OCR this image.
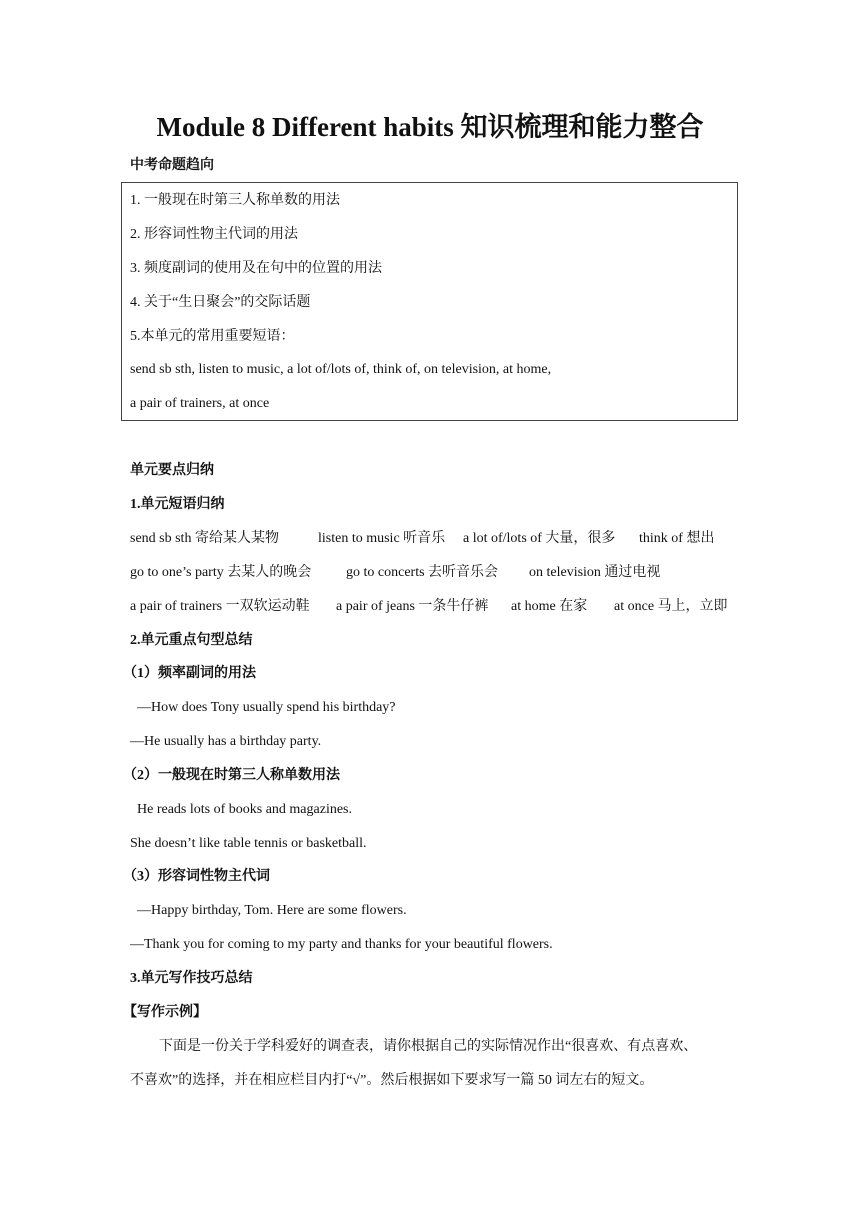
Module 8 Different habits 知识梳理和能力整合
中考命题趋向
1. 一般现在时第三人称单数的用法
2. 形容词性物主代词的用法
3. 频度副词的使用及在句中的位置的用法
4. 关于“生日聚会”的交际话题
5.本单元的常用重要短语：
send sb sth, listen to music, a lot of/lots of, think of, on television, at home,
a pair of trainers, at once
单元要点归纳
1.单元短语归纳
send sb sth 寄给某人某物	listen to music 听音乐 a lot of/lots of 大量，很多 think of 想出
go to one’s party 去某人的晚会 go to concerts 去听音乐会 on television 通过电视
a pair of trainers 一双软运动鞋 a pair of jeans 一条牛仔裤 at home 在家 at once 马上，立即
2.单元重点句型总结
（1）频率副词的用法
—How does Tony usually spend his birthday?
—He usually has a birthday party.
（2）一般现在时第三人称单数用法
He reads lots of books and magazines.
She doesn’t like table tennis or basketball.
（3）形容词性物主代词
—Happy birthday, Tom. Here are some flowers.
—Thank you for coming to my party and thanks for your beautiful flowers.
3.单元写作技巧总结
【写作示例】
下面是一份关于学科爱好的调查表，请你根据自己的实际情况作出“很喜欢、有点喜欢、
不喜欢”的选择，并在相应栏目内打“√”。然后根据如下要求写一篇 50 词左右的短文。
